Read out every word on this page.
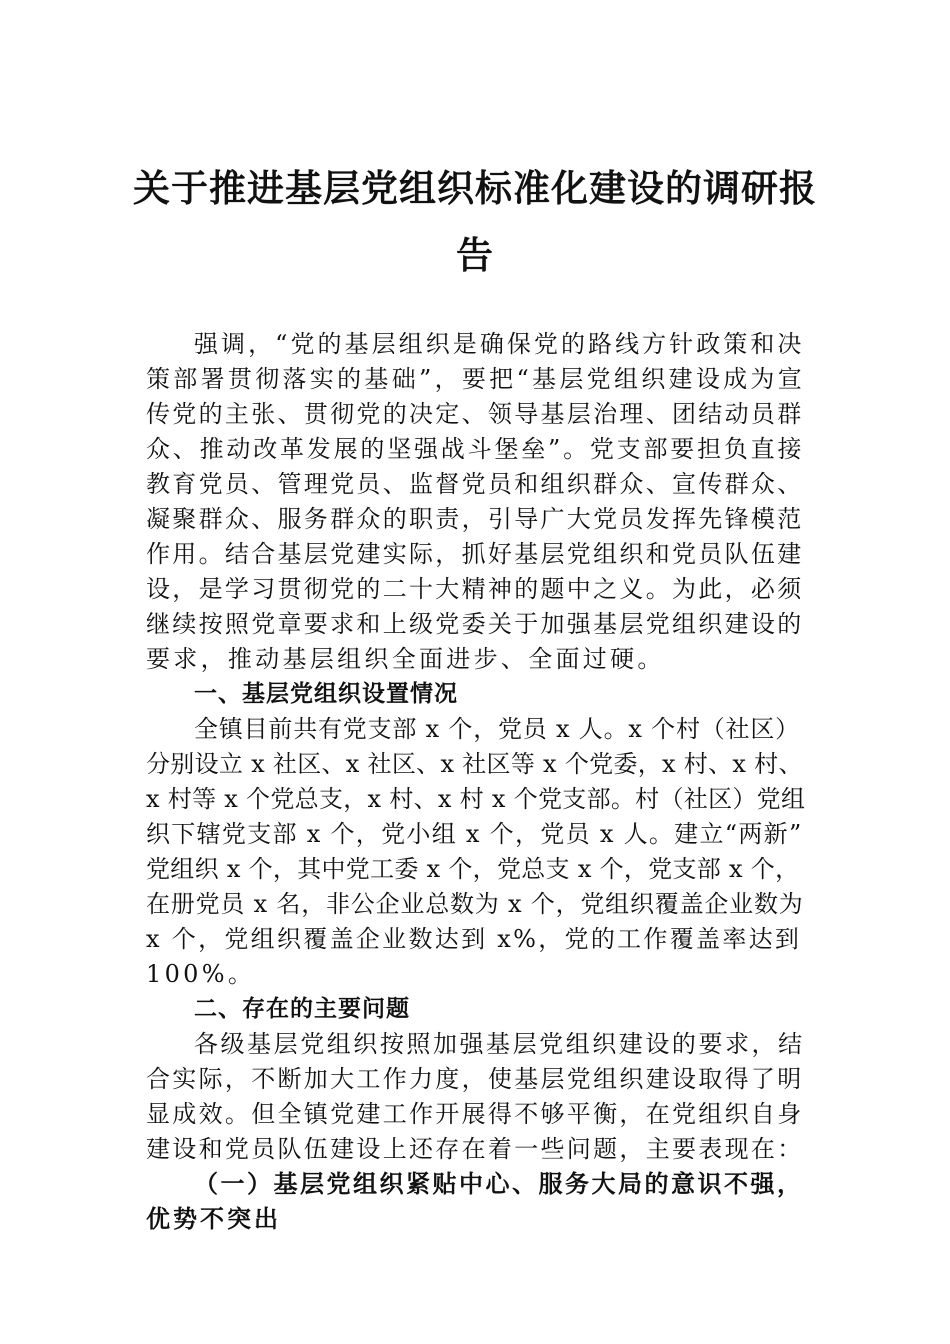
关于推进基层党组织标准化建设的调研报
告
强调，“党的基层组织是确保党的路线方针政策和决
策部署贯彻落实的基础”，要把“基层党组织建设成为宣
传党的主张、贯彻党的决定、领导基层治理、团结动员群
众、推动改革发展的坚强战斗堡垒”。党支部要担负直接
教育党员、管理党员、监督党员和组织群众、宣传群众、
凝聚群众、服务群众的职责，引导广大党员发挥先锋模范
作用。结合基层党建实际，抓好基层党组织和党员队伍建
设，是学习贯彻党的二十大精神的题中之义。为此，必须
继续按照党章要求和上级党委关于加强基层党组织建设的
要求，推动基层组织全面进步、全面过硬。
一、基层党组织设置情况
全镇目前共有党支部 x 个，党员 x 人。x 个村（社区）
分别设立 x 社区、x 社区、x 社区等 x 个党委，x 村、x 村、
x 村等 x 个党总支，x 村、x 村 x 个党支部。村（社区）党组
织下辖党支部 x 个，党小组 x 个，党员 x 人。建立“两新”
党组织 x 个，其中党工委 x 个，党总支 x 个，党支部 x 个，
在册党员 x 名，非公企业总数为 x 个，党组织覆盖企业数为
x 个，党组织覆盖企业数达到 x%，党的工作覆盖率达到
100%。
二、存在的主要问题
各级基层党组织按照加强基层党组织建设的要求，结
合实际，不断加大工作力度，使基层党组织建设取得了明
显成效。但全镇党建工作开展得不够平衡，在党组织自身
建设和党员队伍建设上还存在着一些问题，主要表现在：
（一）基层党组织紧贴中心、服务大局的意识不强，
优势不突出
